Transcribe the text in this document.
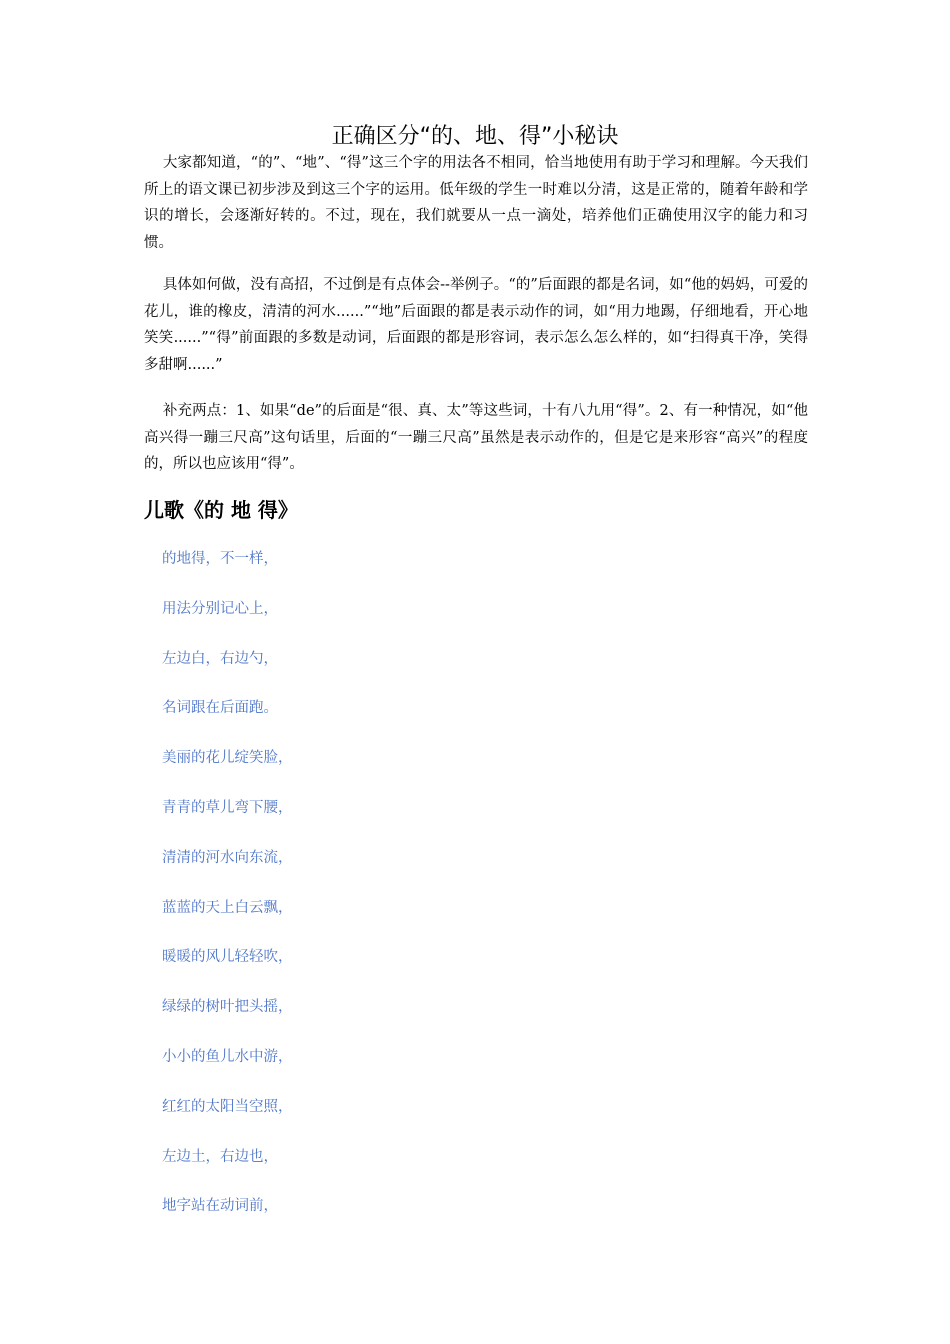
正确区分“的、地、得”小秘诀

大家都知道，“的”、“地”、“得”这三个字的用法各不相同，恰当地使用有助于学习和理解。今天我们所上的语文课已初步涉及到这三个字的运用。低年级的学生一时难以分清，这是正常的，随着年龄和学识的增长，会逐渐好转的。不过，现在，我们就要从一点一滴处，培养他们正确使用汉字的能力和习惯。

具体如何做，没有高招，不过倒是有点体会--举例子。“的”后面跟的都是名词，如“他的妈妈，可爱的花儿，谁的橡皮，清清的河水......”“地”后面跟的都是表示动作的词，如“用力地踢，仔细地看，开心地笑笑......”“得”前面跟的多数是动词，后面跟的都是形容词，表示怎么怎么样的，如“扫得真干净，笑得多甜啊......”

补充两点：1、如果“de”的后面是“很、真、太”等这些词，十有八九用“得”。2、有一种情况，如“他高兴得一蹦三尺高”这句话里，后面的“一蹦三尺高”虽然是表示动作的，但是它是来形容“高兴”的程度的，所以也应该用“得”。

儿歌《的 地 得》
的地得，不一样，
用法分别记心上，
左边白，右边勺，
名词跟在后面跑。
美丽的花儿绽笑脸，
青青的草儿弯下腰，
清清的河水向东流，
蓝蓝的天上白云飘，
暖暖的风儿轻轻吹，
绿绿的树叶把头摇，
小小的鱼儿水中游，
红红的太阳当空照，
左边土，右边也，
地字站在动词前，
